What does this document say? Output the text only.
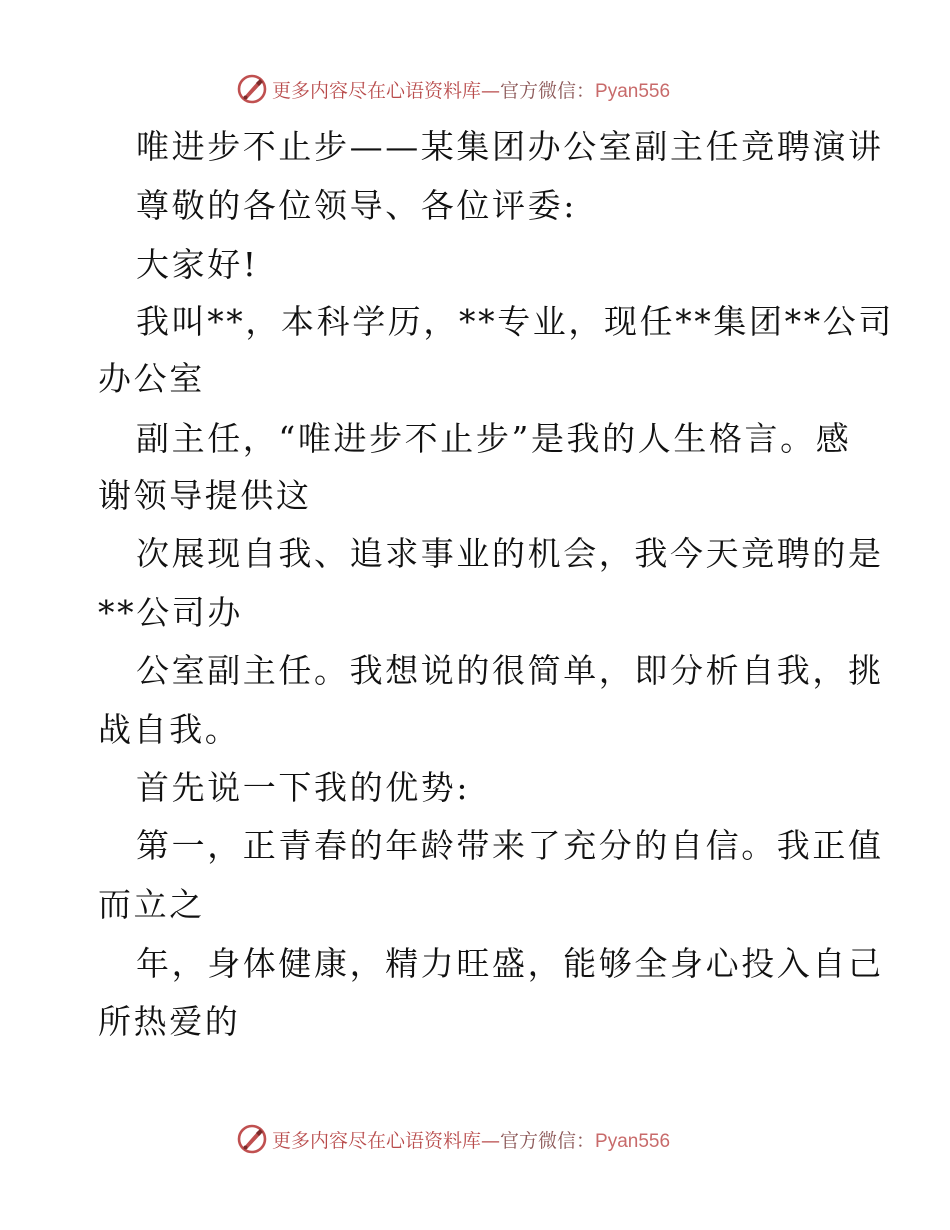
更多内容尽在心语资料库—官方微信：Pyan556
唯进步不止步——某集团办公室副主任竞聘演讲
尊敬的各位领导、各位评委:
大家好!
我叫**，本科学历，**专业，现任**集团**公司
办公室
副主任，“唯进步不止步”是我的人生格言。感
谢领导提供这
次展现自我、追求事业的机会，我今天竞聘的是
**公司办
公室副主任。我想说的很简单，即分析自我，挑
战自我。
首先说一下我的优势:
第一，正青春的年龄带来了充分的自信。我正值
而立之
年，身体健康，精力旺盛，能够全身心投入自己
所热爱的
更多内容尽在心语资料库—官方微信：Pyan556
